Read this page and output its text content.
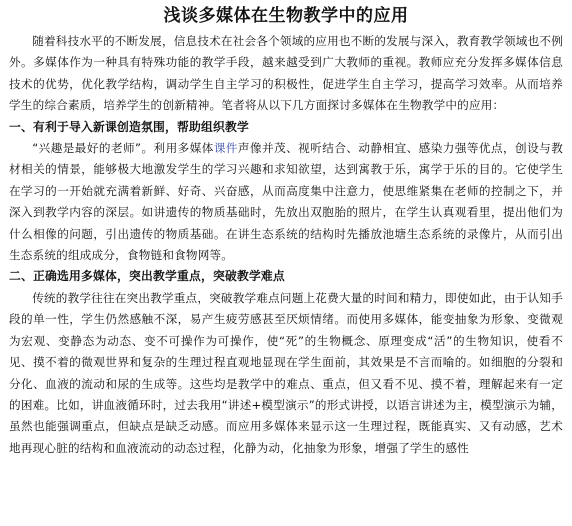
浅谈多媒体在生物教学中的应用

随着科技水平的不断发展，信息技术在社会各个领域的应用也不断的发展与深入，教育教学领域也不例外。多媒体作为一种具有特殊功能的教学手段，越来越受到广大教师的重视。教师应充分发挥多媒体信息技术的优势，优化教学结构，调动学生自主学习的积极性，促进学生自主学习，提高学习效率。从而培养学生的综合素质，培养学生的创新精神。笔者将从以下几方面探讨多媒体在生物教学中的应用：

一、有利于导入新课创造氛围，帮助组织教学

“兴趣是最好的老师”。利用多媒体课件声像并茂、视听结合、动静相宜、感染力强等优点，创设与教材相关的情景，能够极大地激发学生的学习兴趣和求知欲望，达到寓教于乐，寓学于乐的目的。它使学生在学习的一开始就充满着新鲜、好奇、兴奋感，从而高度集中注意力，使思维紧集在老师的控制之下，并深入到教学内容的深层。如讲遗传的物质基础时，先放出双胞胎的照片，在学生认真观看里，提出他们为什么相像的问题，引出遗传的物质基础。在讲生态系统的结构时先播放池塘生态系统的录像片，从而引出生态系统的组成成分，食物链和食物网等。

二、正确选用多媒体，突出教学重点，突破教学难点

传统的教学往往在突出教学重点，突破教学难点问题上花费大量的时间和精力，即使如此，由于认知手段的单一性，学生仍然感触不深，易产生疲劳感甚至厌烦情绪。而使用多媒体，能变抽象为形象、变微观为宏观、变静态为动态、变不可操作为可操作，使“死”的生物概念、原理变成“活”的生物知识，使看不见、摸不着的微观世界和复杂的生理过程直观地显现在学生面前，其效果是不言而喻的。如细胞的分裂和分化、血液的流动和尿的生成等。这些均是教学中的难点、重点，但又看不见、摸不着，理解起来有一定的困难。比如，讲血液循环时，过去我用“讲述+模型演示”的形式讲授，以语言讲述为主，模型演示为辅，虽然也能强调重点，但缺点是缺乏动感。而应用多媒体来显示这一生理过程，既能真实、又有动感，艺术地再现心脏的结构和血液流动的动态过程，化静为动，化抽象为形象，增强了学生的感性
